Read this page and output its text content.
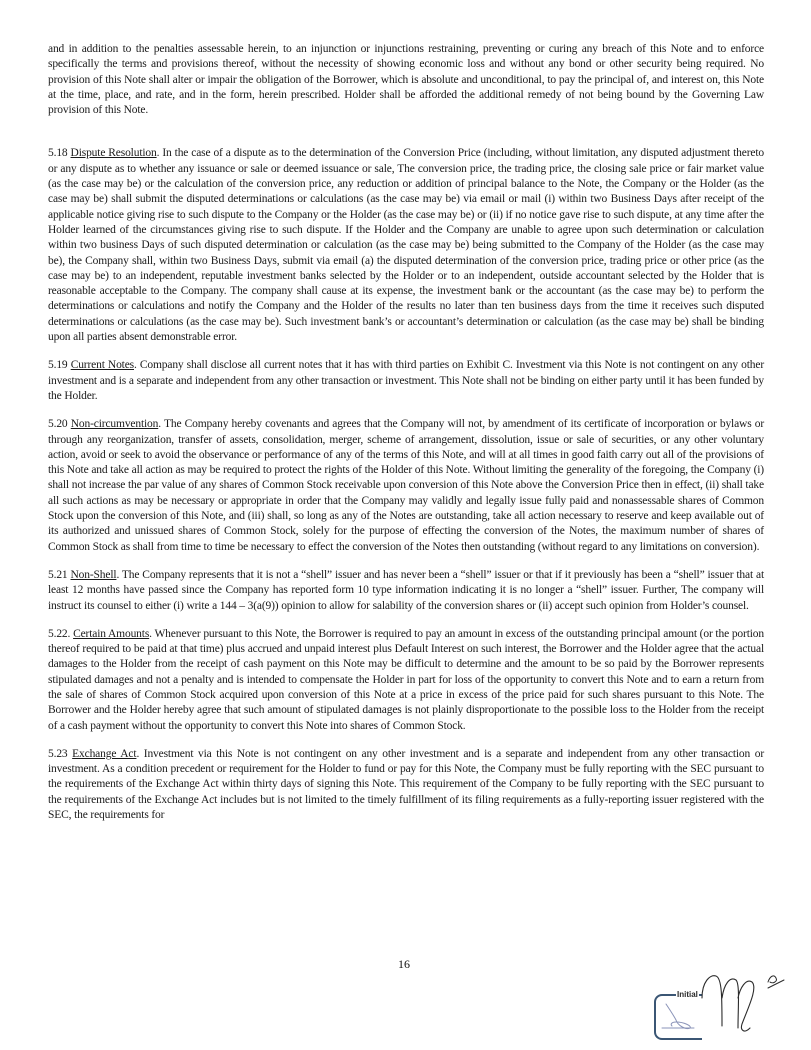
and in addition to the penalties assessable herein, to an injunction or injunctions restraining, preventing or curing any breach of this Note and to enforce specifically the terms and provisions thereof, without the necessity of showing economic loss and without any bond or other security being required. No provision of this Note shall alter or impair the obligation of the Borrower, which is absolute and unconditional, to pay the principal of, and interest on, this Note at the time, place, and rate, and in the form, herein prescribed. Holder shall be afforded the additional remedy of not being bound by the Governing Law provision of this Note.

5.18 Dispute Resolution. In the case of a dispute as to the determination of the Conversion Price (including, without limitation, any disputed adjustment thereto or any dispute as to whether any issuance or sale or deemed issuance or sale, The conversion price, the trading price, the closing sale price or fair market value (as the case may be) or the calculation of the conversion price, any reduction or addition of principal balance to the Note, the Company or the Holder (as the case may be) shall submit the disputed determinations or calculations (as the case may be) via email or mail (i) within two Business Days after receipt of the applicable notice giving rise to such dispute to the Company or the Holder (as the case may be) or (ii) if no notice gave rise to such dispute, at any time after the Holder learned of the circumstances giving rise to such dispute. If the Holder and the Company are unable to agree upon such determination or calculation within two business Days of such disputed determination or calculation (as the case may be) being submitted to the Company of the Holder (as the case may be), the Company shall, within two Business Days, submit via email (a) the disputed determination of the conversion price, trading price or other price (as the case may be) to an independent, reputable investment banks selected by the Holder or to an independent, outside accountant selected by the Holder that is reasonable acceptable to the Company. The company shall cause at its expense, the investment bank or the accountant (as the case may be) to perform the determinations or calculations and notify the Company and the Holder of the results no later than ten business days from the time it receives such disputed determinations or calculations (as the case may be). Such investment bank’s or accountant’s determination or calculation (as the case may be) shall be binding upon all parties absent demonstrable error.

5.19 Current Notes. Company shall disclose all current notes that it has with third parties on Exhibit C. Investment via this Note is not contingent on any other investment and is a separate and independent from any other transaction or investment. This Note shall not be binding on either party until it has been funded by the Holder.

5.20 Non-circumvention. The Company hereby covenants and agrees that the Company will not, by amendment of its certificate of incorporation or bylaws or through any reorganization, transfer of assets, consolidation, merger, scheme of arrangement, dissolution, issue or sale of securities, or any other voluntary action, avoid or seek to avoid the observance or performance of any of the terms of this Note, and will at all times in good faith carry out all of the provisions of this Note and take all action as may be required to protect the rights of the Holder of this Note. Without limiting the generality of the foregoing, the Company (i) shall not increase the par value of any shares of Common Stock receivable upon conversion of this Note above the Conversion Price then in effect, (ii) shall take all such actions as may be necessary or appropriate in order that the Company may validly and legally issue fully paid and nonassessable shares of Common Stock upon the conversion of this Note, and (iii) shall, so long as any of the Notes are outstanding, take all action necessary to reserve and keep available out of its authorized and unissued shares of Common Stock, solely for the purpose of effecting the conversion of the Notes, the maximum number of shares of Common Stock as shall from time to time be necessary to effect the conversion of the Notes then outstanding (without regard to any limitations on conversion).

5.21 Non-Shell. The Company represents that it is not a “shell” issuer and has never been a “shell” issuer or that if it previously has been a “shell” issuer that at least 12 months have passed since the Company has reported form 10 type information indicating it is no longer a “shell” issuer. Further, The company will instruct its counsel to either (i) write a 144 – 3(a(9)) opinion to allow for salability of the conversion shares or (ii) accept such opinion from Holder’s counsel.

5.22. Certain Amounts. Whenever pursuant to this Note, the Borrower is required to pay an amount in excess of the outstanding principal amount (or the portion thereof required to be paid at that time) plus accrued and unpaid interest plus Default Interest on such interest, the Borrower and the Holder agree that the actual damages to the Holder from the receipt of cash payment on this Note may be difficult to determine and the amount to be so paid by the Borrower represents stipulated damages and not a penalty and is intended to compensate the Holder in part for loss of the opportunity to convert this Note and to earn a return from the sale of shares of Common Stock acquired upon conversion of this Note at a price in excess of the price paid for such shares pursuant to this Note. The Borrower and the Holder hereby agree that such amount of stipulated damages is not plainly disproportionate to the possible loss to the Holder from the receipt of a cash payment without the opportunity to convert this Note into shares of Common Stock.

5.23 Exchange Act. Investment via this Note is not contingent on any other investment and is a separate and independent from any other transaction or investment. As a condition precedent or requirement for the Holder to fund or pay for this Note, the Company must be fully reporting with the SEC pursuant to the requirements of the Exchange Act within thirty days of signing this Note. This requirement of the Company to be fully reporting with the SEC pursuant to the requirements of the Exchange Act includes but is not limited to the timely fulfillment of its filing requirements as a fully-reporting issuer registered with the SEC, the requirements for

16
Initial
